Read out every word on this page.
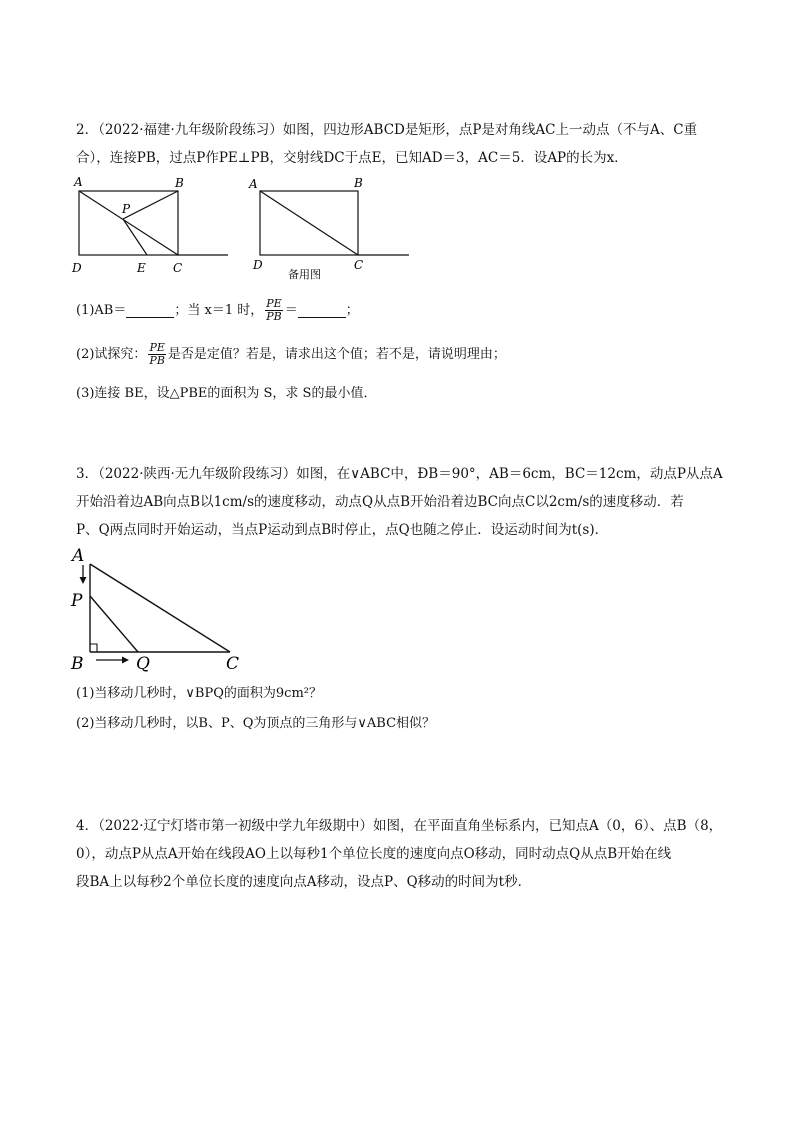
2．（2022·福建·九年级阶段练习）如图，四边形ABCD是矩形，点P是对角线AC上一动点（不与A、C重

合），连接PB，过点P作PE⊥PB，交射线DC于点E，已知AD＝3，AC＝5．设AP的长为x．

A	B
P
D	E C
A	B
D	C
备用图
(1)AB＝	；当 x＝1 时， $\frac{PE}{PB}$ ＝	；
(2)试探究： $\frac{PE}{PB}$ 是否是定值？若是，请求出这个值；若不是，请说明理由；

(3)连接 BE，设△PBE的面积为 S，求 S的最小值．

3．（2022·陕西·无九年级阶段练习）如图，在∨ABC中，ÐB＝90°，AB＝6cm，BC＝12cm，动点P从点A

开始沿着边AB向点B以1cm/s的速度移动，动点Q从点B开始沿着边BC向点C以2cm/s的速度移动．若

P、Q两点同时开始运动，当点P运动到点B时停止，点Q也随之停止．设运动时间为t(s)．

A
P
B	Q	C

(1)当移动几秒时，∨BPQ的面积为9cm²？

(2)当移动几秒时，以B、P、Q为顶点的三角形与∨ABC相似？

4．（2022·辽宁灯塔市第一初级中学九年级期中）如图，在平面直角坐标系内，已知点A（0，6）、点B（8，

0），动点P从点A开始在线段AO上以每秒1个单位长度的速度向点O移动，同时动点Q从点B开始在线

段BA上以每秒2个单位长度的速度向点A移动，设点P、Q移动的时间为t秒．
